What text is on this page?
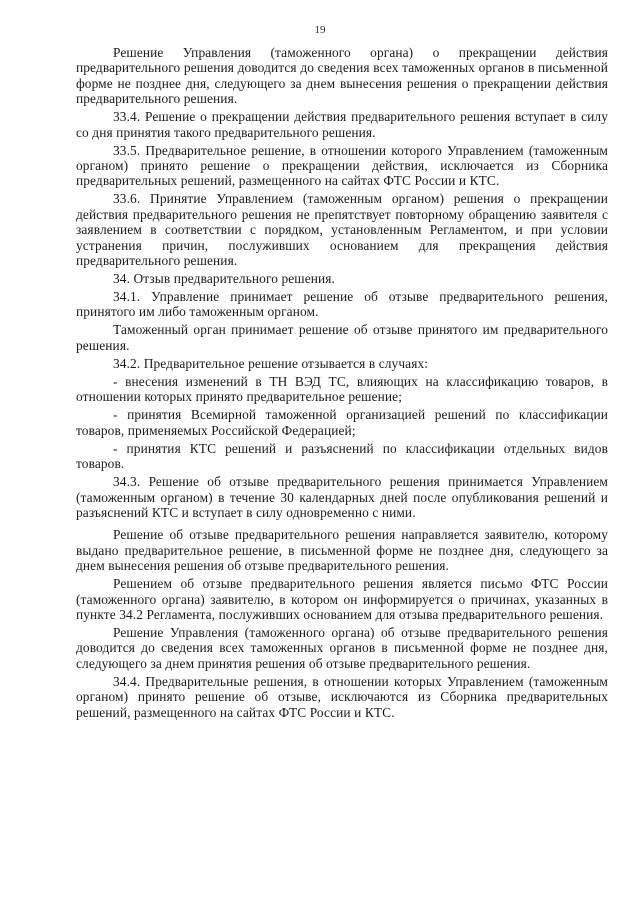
19

Решение Управления (таможенного органа) о прекращении действия предварительного решения доводится до сведения всех таможенных органов в письменной форме не позднее дня, следующего за днем вынесения решения о прекращении действия предварительного решения.

33.4. Решение о прекращении действия предварительного решения вступает в силу со дня принятия такого предварительного решения.

33.5. Предварительное решение, в отношении которого Управлением (таможенным органом) принято решение о прекращении действия, исключается из Сборника предварительных решений, размещенного на сайтах ФТС России и КТС.

33.6. Принятие Управлением (таможенным органом) решения о прекращении действия предварительного решения не препятствует повторному обращению заявителя с заявлением в соответствии с порядком, установленным Регламентом, и при условии устранения причин, послуживших основанием для прекращения действия предварительного решения.

34. Отзыв предварительного решения.

34.1. Управление принимает решение об отзыве предварительного решения, принятого им либо таможенным органом.

Таможенный орган принимает решение об отзыве принятого им предварительного решения.

34.2. Предварительное решение отзывается в случаях:

- внесения изменений в ТН ВЭД ТС, влияющих на классификацию товаров, в отношении которых принято предварительное решение;

- принятия Всемирной таможенной организацией решений по классификации товаров, применяемых Российской Федерацией;

- принятия КТС решений и разъяснений по классификации отдельных видов товаров.

34.3. Решение об отзыве предварительного решения принимается Управлением (таможенным органом) в течение 30 календарных дней после опубликования решений и разъяснений КТС и вступает в силу одновременно с ними.

Решение об отзыве предварительного решения направляется заявителю, которому выдано предварительное решение, в письменной форме не позднее дня, следующего за днем вынесения решения об отзыве предварительного решения.

Решением об отзыве предварительного решения является письмо ФТС России (таможенного органа) заявителю, в котором он информируется о причинах, указанных в пункте 34.2 Регламента, послуживших основанием для отзыва предварительного решения.

Решение Управления (таможенного органа) об отзыве предварительного решения доводится до сведения всех таможенных органов в письменной форме не позднее дня, следующего за днем принятия решения об отзыве предварительного решения.

34.4. Предварительные решения, в отношении которых Управлением (таможенным органом) принято решение об отзыве, исключаются из Сборника предварительных решений, размещенного на сайтах ФТС России и КТС.
